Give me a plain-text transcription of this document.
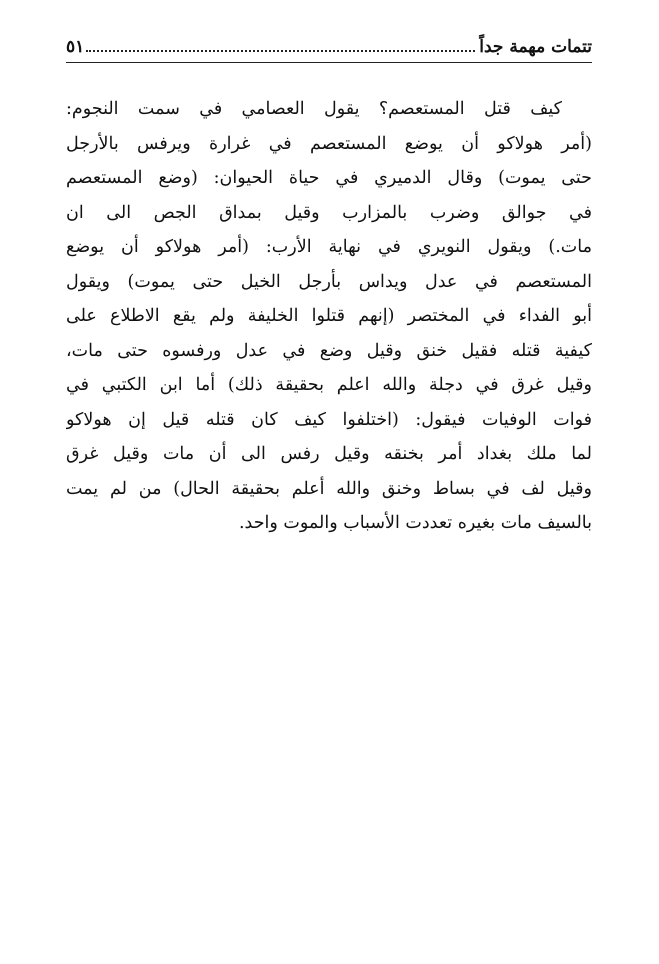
تتمات مهمة جداً
٥١
كيف قتل المستعصم؟ يقول العصامي في سمت النجوم:
(أمر هولاكو أن يوضع المستعصم في غرارة ويرفس بالأرجل
حتى يموت) وقال الدميري في حياة الحيوان: (وضع المستعصم
في جوالق وضرب بالمزارب وقيل بمداق الجص الى ان
مات.) ويقول النويري في نهاية الأرب: (أمر هولاكو أن يوضع
المستعصم في عدل ويداس بأرجل الخيل حتى يموت) ويقول
أبو الفداء في المختصر (إنهم قتلوا الخليفة ولم يقع الاطلاع على
كيفية قتله فقيل خنق وقيل وضع في عدل ورفسوه حتى مات،
وقيل غرق في دجلة والله اعلم بحقيقة ذلك) أما ابن الكتبي في
فوات الوفيات فيقول: (اختلفوا كيف كان قتله قيل إن هولاكو
لما ملك بغداد أمر بخنقه وقيل رفس الى أن مات وقيل غرق
وقيل لف في بساط وخنق والله أعلم بحقيقة الحال) من لم يمت
بالسيف مات بغيره تعددت الأسباب والموت واحد.
